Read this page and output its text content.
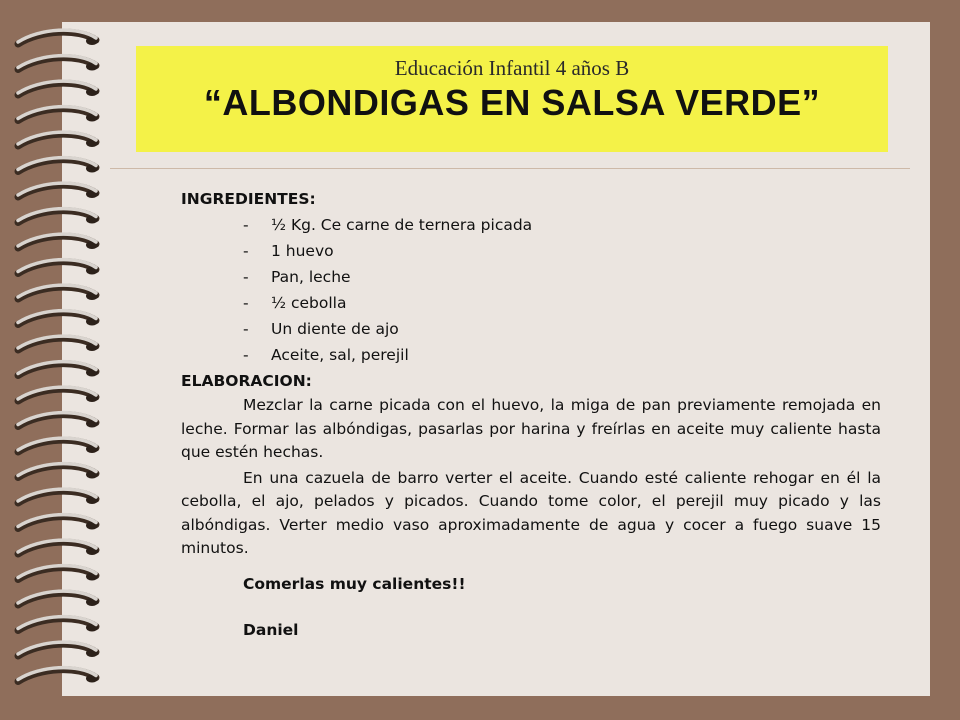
Educación Infantil 4 años B
“ALBONDIGAS EN SALSA VERDE”

INGREDIENTES:

- ½ Kg. Ce carne de ternera picada
- 1 huevo
- Pan, leche
- ½ cebolla
- Un diente de ajo
- Aceite, sal, perejil

ELABORACION:

Mezclar la carne picada con el huevo, la miga de pan previamente remojada en leche. Formar las albóndigas, pasarlas por harina y freírlas en aceite muy caliente hasta que estén hechas.

En una cazuela de barro verter el aceite. Cuando esté caliente rehogar en él la cebolla, el ajo, pelados y picados. Cuando tome color, el perejil muy picado y las albóndigas. Verter medio vaso aproximadamente de agua y cocer a fuego suave 15 minutos.

Comerlas muy calientes!!

Daniel
